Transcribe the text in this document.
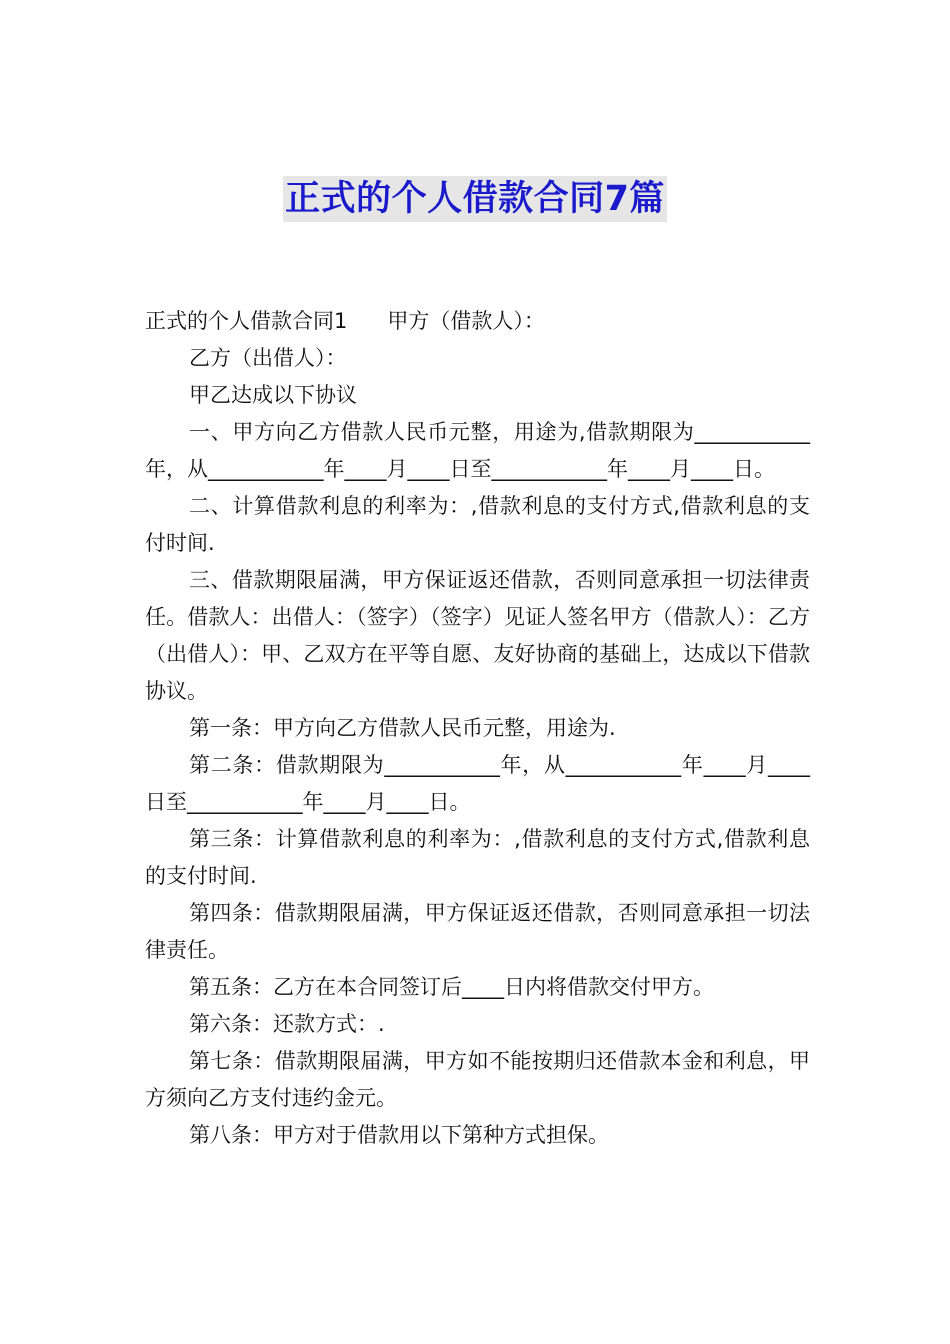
正式的个人借款合同7篇

正式的个人借款合同1 甲方（借款人）：

乙方（出借人）：

甲乙达成以下协议

一、甲方向乙方借款人民币元整，用途为,借款期限为___________年，从___________年____月____日至___________年____月____日。

二、计算借款利息的利率为：,借款利息的支付方式,借款利息的支付时间.

三、借款期限届满，甲方保证返还借款，否则同意承担一切法律责任。借款人：出借人：（签字）（签字）见证人签名甲方（借款人）：乙方（出借人）：甲、乙双方在平等自愿、友好协商的基础上，达成以下借款协议。

第一条：甲方向乙方借款人民币元整，用途为.

第二条：借款期限为___________年，从___________年____月____日至___________年____月____日。

第三条：计算借款利息的利率为：,借款利息的支付方式,借款利息的支付时间.

第四条：借款期限届满，甲方保证返还借款，否则同意承担一切法律责任。

第五条：乙方在本合同签订后____日内将借款交付甲方。

第六条：还款方式：.

第七条：借款期限届满，甲方如不能按期归还借款本金和利息，甲方须向乙方支付违约金元。

第八条：甲方对于借款用以下第种方式担保。
